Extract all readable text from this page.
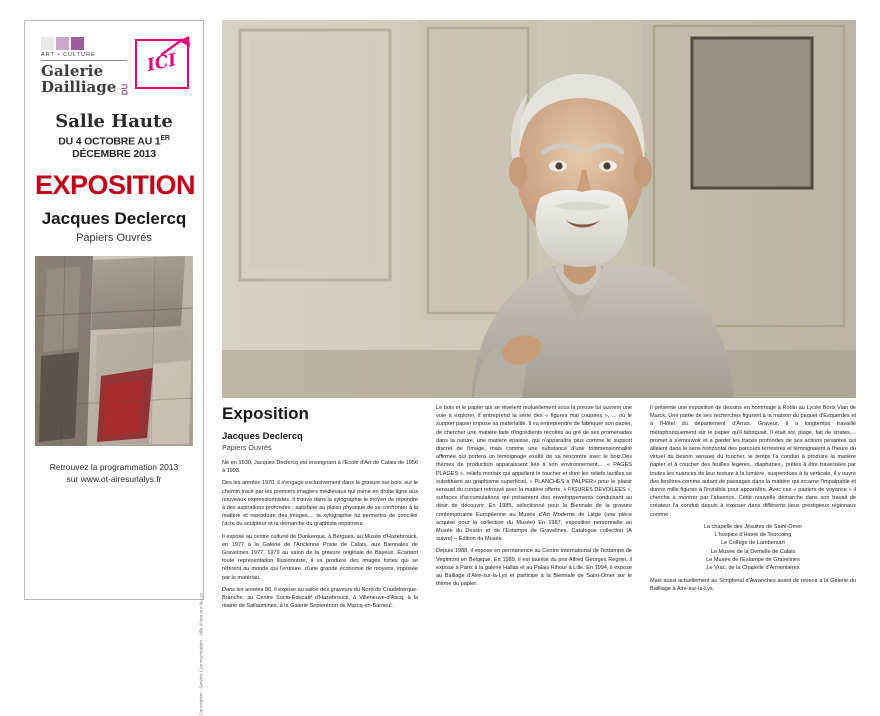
ART • CULTURE
Galerie
Dailliage DU
ICI
Salle Haute
DU 4 OCTOBRE AU 1ER DÉCEMBRE 2013
EXPOSITION
Jacques Declercq
Papiers Ouvrés
Retrouvez la programmation 2013
sur www.ot-airesurlalys.fr
Conception : Service Communication - Ville d'Aire-sur-la-Lys
Exposition
Jacques Declercq
Papiers Ouvrés

Né en 1930, Jacques Declercq est enseignant à l'École d'Art de Calais de 1956 à 1993.

Des les années 1970, il s'engage exclusivement dans la gravure sur bois, sur le chemin tracé par les premiers imagiers médiévaux qui mène en droite ligne aux nouveaux expressionnistes. Il trouve dans la xylographie le moyen de répondre à des aspirations profondes : satisfaire au plaisir physique de se confronter à la matière et reproduire des images,... la xylographie lui permettra de concilier l'acte du sculpteur et la démarche du graphiste imprimeur.

Il expose au centre culturel de Dunkerque, à Bergues, au Musée d'Hazebrouck, en 1977 à la Galerie de l'Ancienne Poste de Calais, aux Biennales de Gravelines 1977, 1979 au salon de la gravure originale de Bayeux. Ecartant toute représentation illusionniste, il va produire des images fortes qui se réfèrent au monde qui l'entoure, d'une grande économie de moyens, imposée par le matériau.

Dans les années 80, il expose au salon des graveurs du Nord de Coudekerque-Branche, au Centre Socio-Educatif d'Hazebrouck, à Villeneuve-d'Ascq, à la mairie de Sallaumines, à la Galerie Septentrion de Marcq-en-Baroeul.

Le bois et le papier qui se révèlent mutuellement sous la presse lui ouvrent une voie à explorer, il entreprend la série des « figures mal coupées », ... où le support papier impose sa matérialité. Il va entreprendre de fabriquer son papier, de chercher une matière faite d'ingrédients récoltés au gré de ses promenades dans la nature, une matière épaisse, qui n'apparaîtra plus comme le support discret de l'image, mais comme une substance d'une tridimensionnalité affirmée qui portera un témoignage exalté de sa rencontre avec le bois.Des thèmes de production apparaissent liés à son environnement,... « PAGES PLAGES », reliefs morlaix qui appellent le toucher et dont les reliefs tactiles se substituent au graphisme superficiel, « PLANCHES à PALPER» pour le plaisir sensuel du contact retrouvé avec la matière offerte. « FIGURES DEVOILEES », surfaces d'accumulations qui présentent des enveloppements conduisant au désir de découvrir. En 1985, sélectionné pour la Biennale de la gravure contemporaine Européenne au Musée d'Art Moderne de Liège (une pièce acquise pour la collection du Musée) En 1987, exposition personnelle au Musée du Dessin et de l'Estampe de Gravelines. Catalogue collection (A suivre) – Edition du Musée.

Depuis 1988, il expose en permanence au Centre International de l'estampe de Vegimont en Belgique. En 1989, il est lauréat du prix Alfred Georges Regner, il expose à Paris à la galerie Hallas et au Palais Rihour à Lille. En 1994, il expose au Baillage d'Aire-sur-la-Lys et participe à la Biennale de Saint-Omer sur le thème du papier.

Il présente une exposition de dessins en hommage à Rodin au Lycée Boris Vian de Marck. Une partie de ses recherches figurent à la maison du paquet d'Esquerdes et à l'Hôtel du département d'Arras. Graveur, il a longtemps travaillé métaphoriquement sur le papier qu'il fabriquait. Il était sol, plage, fait de strates,... promet à s'émouvoir et à garder les traces profondes de ses actions pesantes qui allaient dans le sens horizontal des parcours terrestres et témoignaient à l'heure du virtuel du besoin sensuel du toucher, le temps l'a conduit à produire la matière papier et à coucher des feuilles légères,, diaphanes,, prêtes à être traversées par toutes les nuances de leur texture à la lumière, suspendues à la verticale, il y ouvre des fenêtres comme autant de passages dans la matière qui incarne l'impalpable et donne mille figures à l'invisible pour apparaître. Avec ces « papiers de voyance » il cherche à montrer par l'absence. Cette nouvelle démarche dans son travail de créateur l'a conduit depuis à exposer dans différents lieux prestigieux régionaux comme :

La chapelle des Jésuites de Saint-Omer
L'hospice d'Havré de Tourcoing
Le Collège de Lambersart
Le Musée de la Dentelle de Calais
Le Musée de l'Estampe de Gravelines
Le Vrac, de la Chapelle d'Armentières

Mais aussi actuellement au Scriptorial d'Avranches avant de revenir à la Galerie du Bailliage à Aire-sur-la-Lys.
